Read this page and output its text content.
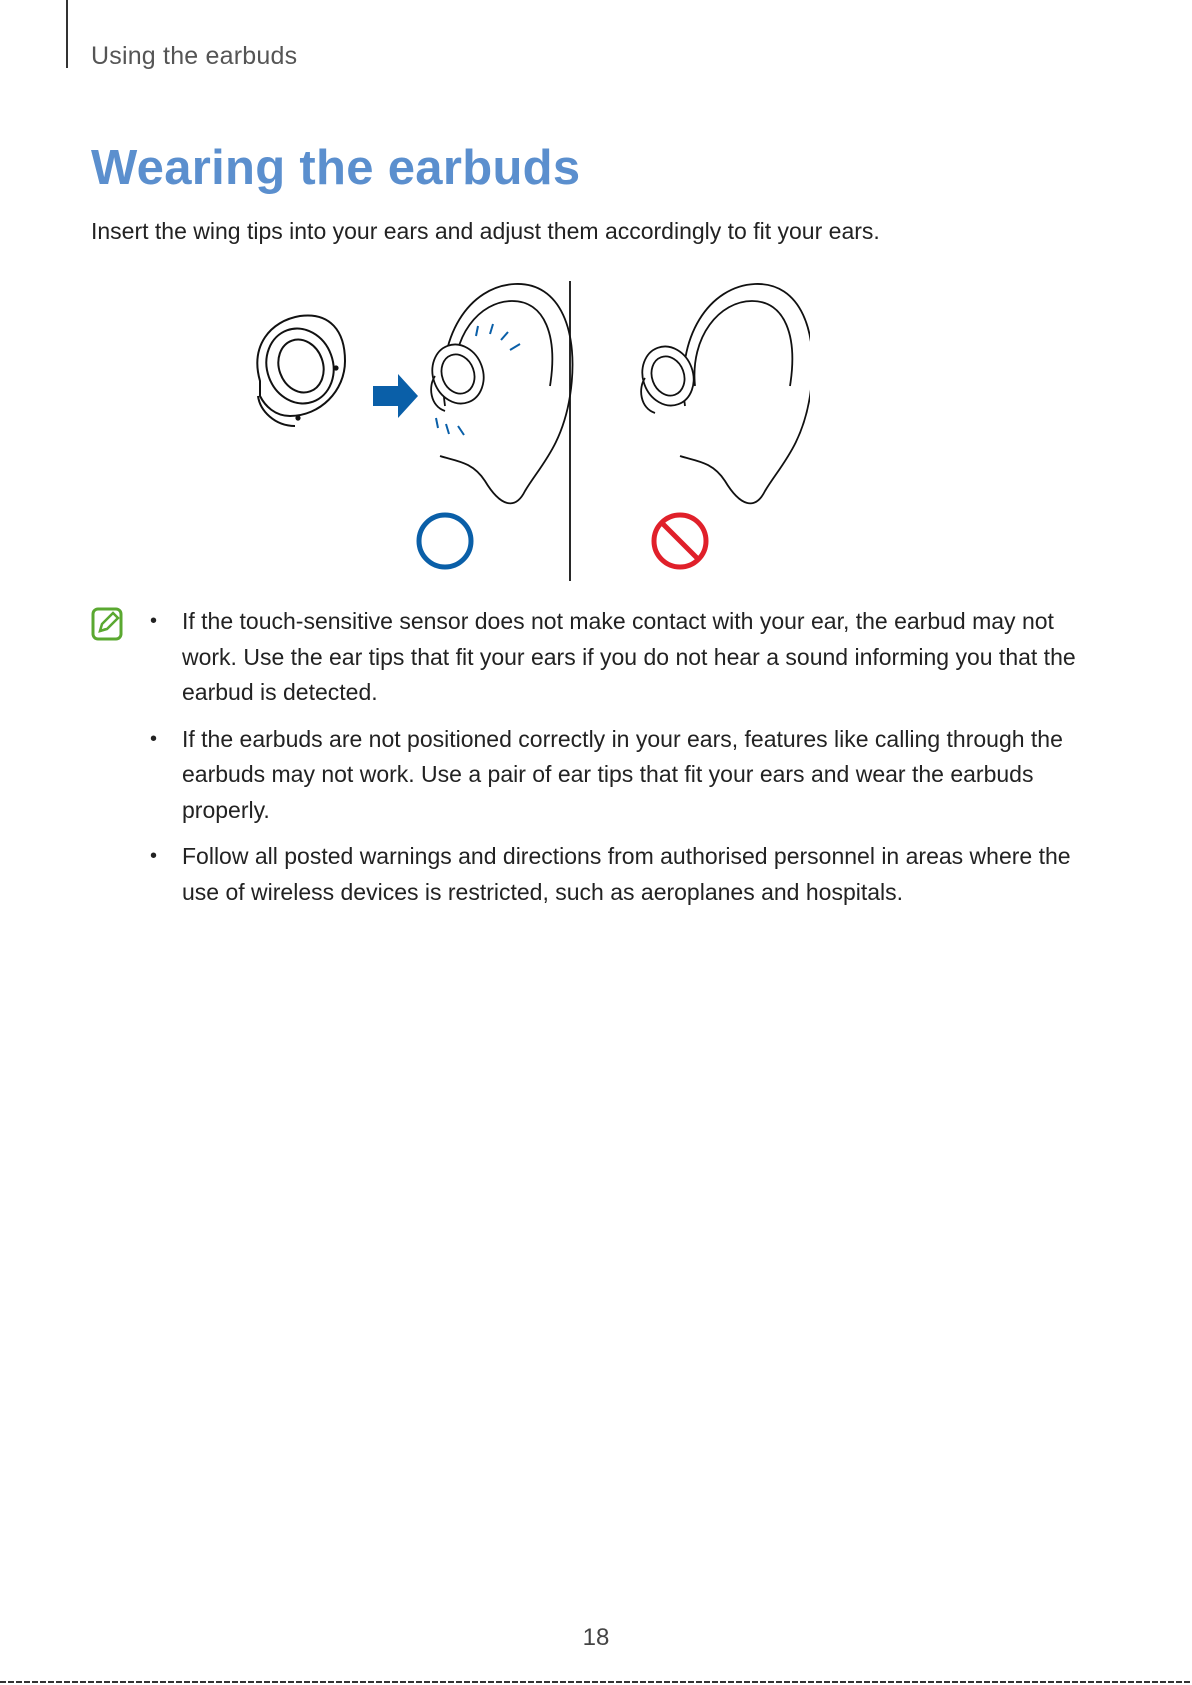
Using the earbuds
Wearing the earbuds

Insert the wing tips into your ears and adjust them accordingly to fit your ears.

• If the touch-sensitive sensor does not make contact with your ear, the earbud may not work. Use the ear tips that fit your ears if you do not hear a sound informing you that the earbud is detected.
• If the earbuds are not positioned correctly in your ears, features like calling through the earbuds may not work. Use a pair of ear tips that fit your ears and wear the earbuds properly.
• Follow all posted warnings and directions from authorised personnel in areas where the use of wireless devices is restricted, such as aeroplanes and hospitals.
18
